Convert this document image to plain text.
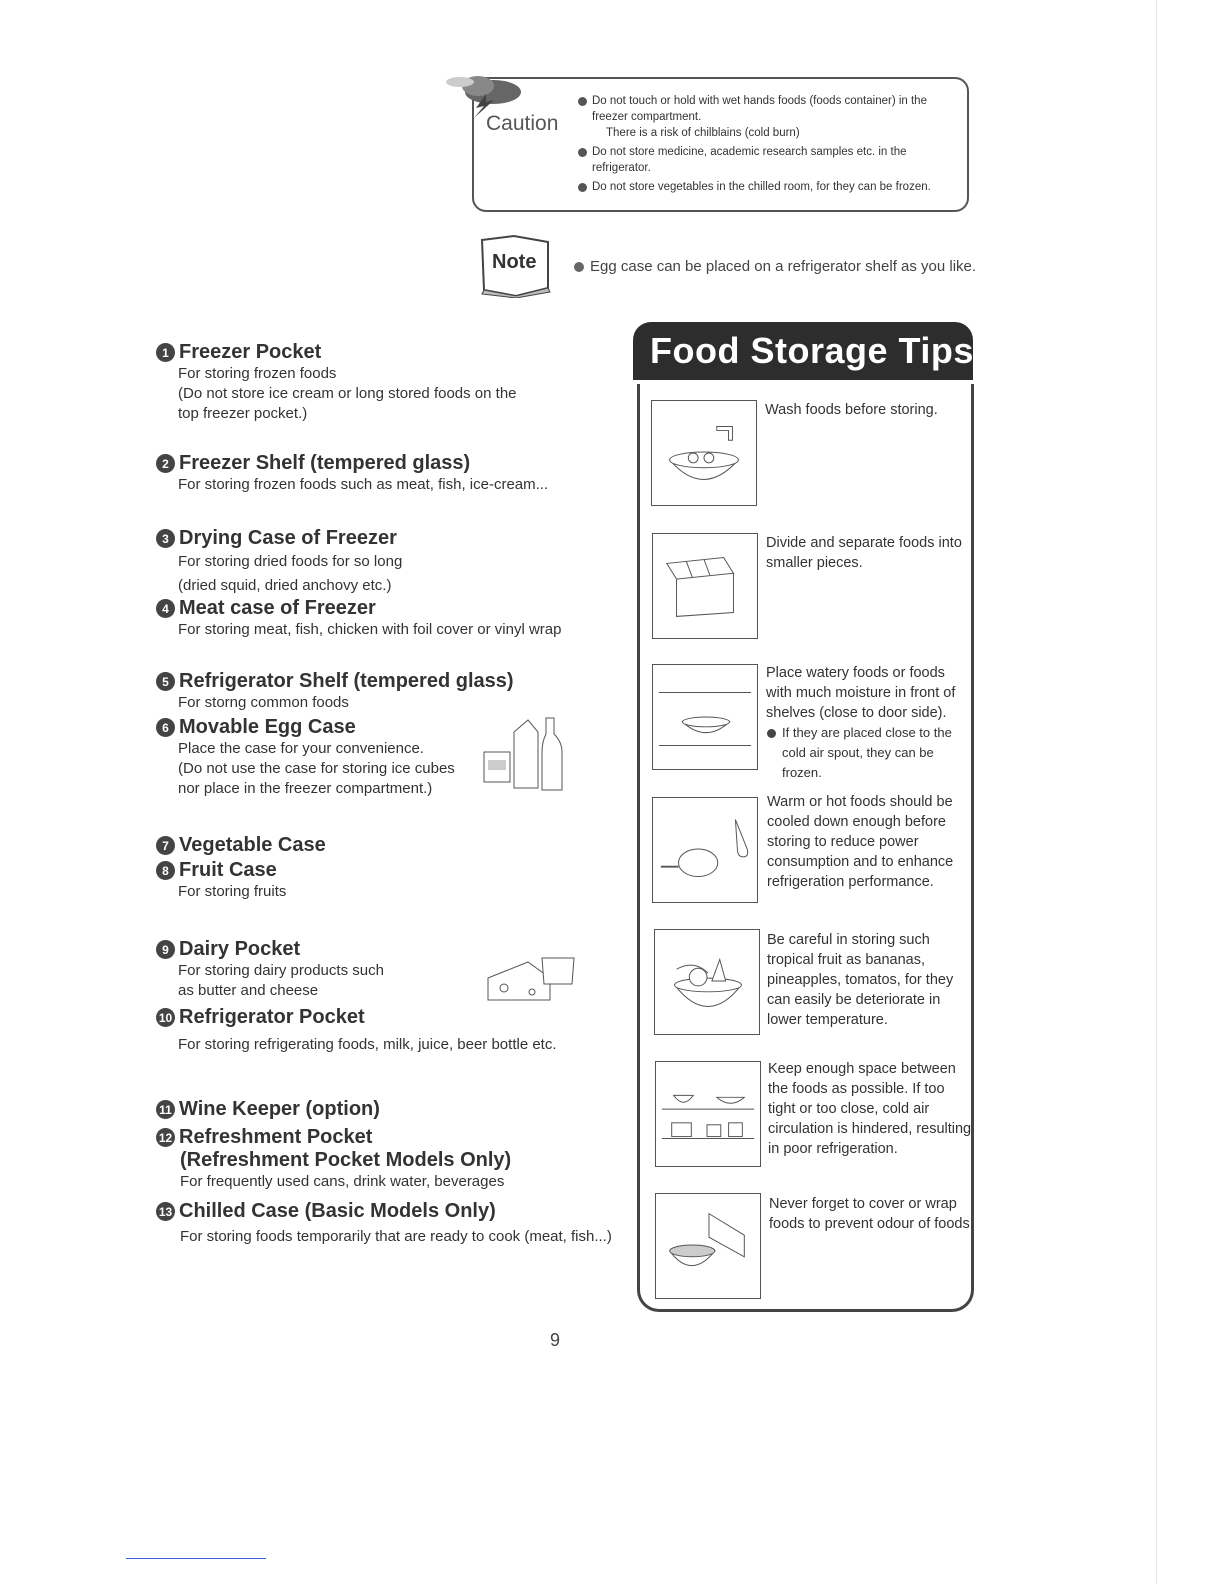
Caution
Do not touch or hold with wet hands foods (foods container) in the freezer compartment.
There is a risk of chilblains (cold burn)
Do not store medicine, academic research samples etc. in the refrigerator.
Do not store vegetables in the chilled room, for they can be frozen.
Note	Egg case can be placed on a refrigerator shelf as you like.
1 Freezer Pocket
For storing frozen foods
(Do not store ice cream or long stored foods on the
top freezer pocket.)
2 Freezer Shelf (tempered glass)
For storing frozen foods such as meat, fish, ice-cream...
3 Drying Case of Freezer
For storing dried foods for so long
(dried squid, dried anchovy etc.)
4 Meat case of Freezer
For storing meat, fish, chicken with foil cover or vinyl wrap
5 Refrigerator Shelf (tempered glass)
For storng common foods
6 Movable Egg Case
Place the case for your convenience.
(Do not use the case for storing ice cubes
nor place in the freezer compartment.)
7 Vegetable Case
8 Fruit Case
For storing fruits
9 Dairy Pocket
For storing dairy products such
as butter and cheese
10 Refrigerator Pocket
For storing refrigerating foods, milk, juice, beer bottle etc.
11 Wine Keeper (option)
12 Refreshment Pocket
(Refreshment Pocket Models Only)
For frequently used cans, drink water, beverages
13 Chilled Case (Basic Models Only)
For storing foods temporarily that are ready to cook (meat, fish...)
Food Storage Tips
Wash foods before storing.
Divide and separate foods into smaller pieces.
Place watery foods or foods with much moisture in front of shelves (close to door side).
If they are placed close to the cold air spout, they can be frozen.
Warm or hot foods should be cooled down enough before storing to reduce power consumption and to enhance refrigeration performance.
Be careful in storing such tropical fruit as bananas, pineapples, tomatos, for they can easily be deteriorate in lower temperature.
Keep enough space between the foods as possible. If too tight or too close, cold air circulation is hindered, resulting in poor refrigeration.
Never forget to cover or wrap foods to prevent odour of foods.
9
